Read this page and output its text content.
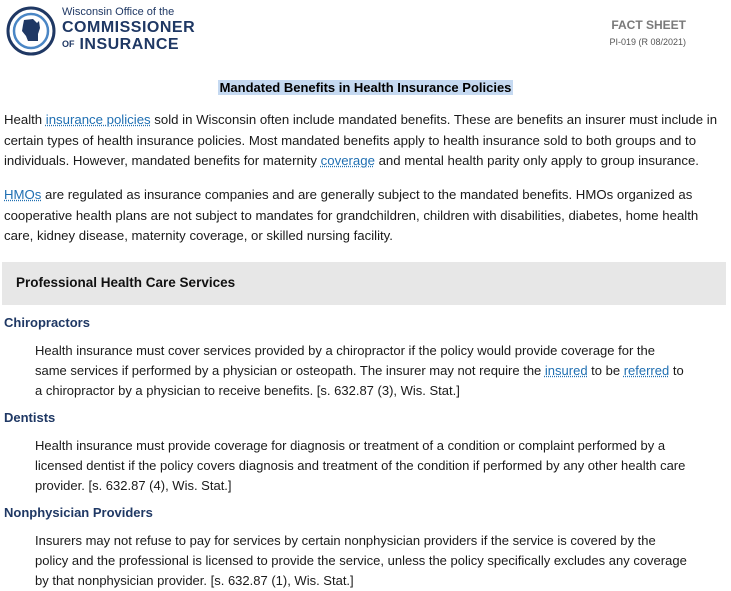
Wisconsin Office of the
COMMISSIONER
OF INSURANCE
FACT SHEET
PI-019 (R 08/2021)
Mandated Benefits in Health Insurance Policies
Health insurance policies sold in Wisconsin often include mandated benefits. These are benefits an insurer must include in certain types of health insurance policies. Most mandated benefits apply to health insurance sold to both groups and to individuals. However, mandated benefits for maternity coverage and mental health parity only apply to group insurance.
HMOs are regulated as insurance companies and are generally subject to the mandated benefits. HMOs organized as cooperative health plans are not subject to mandates for grandchildren, children with disabilities, diabetes, home health care, kidney disease, maternity coverage, or skilled nursing facility.
Professional Health Care Services
Chiropractors
Health insurance must cover services provided by a chiropractor if the policy would provide coverage for the same services if performed by a physician or osteopath. The insurer may not require the insured to be referred to a chiropractor by a physician to receive benefits. [s. 632.87 (3), Wis. Stat.]
Dentists
Health insurance must provide coverage for diagnosis or treatment of a condition or complaint performed by a licensed dentist if the policy covers diagnosis and treatment of the condition if performed by any other health care provider. [s. 632.87 (4), Wis. Stat.]
Nonphysician Providers
Insurers may not refuse to pay for services by certain nonphysician providers if the service is covered by the policy and the professional is licensed to provide the service, unless the policy specifically excludes any coverage by that nonphysician provider. [s. 632.87 (1), Wis. Stat.]
